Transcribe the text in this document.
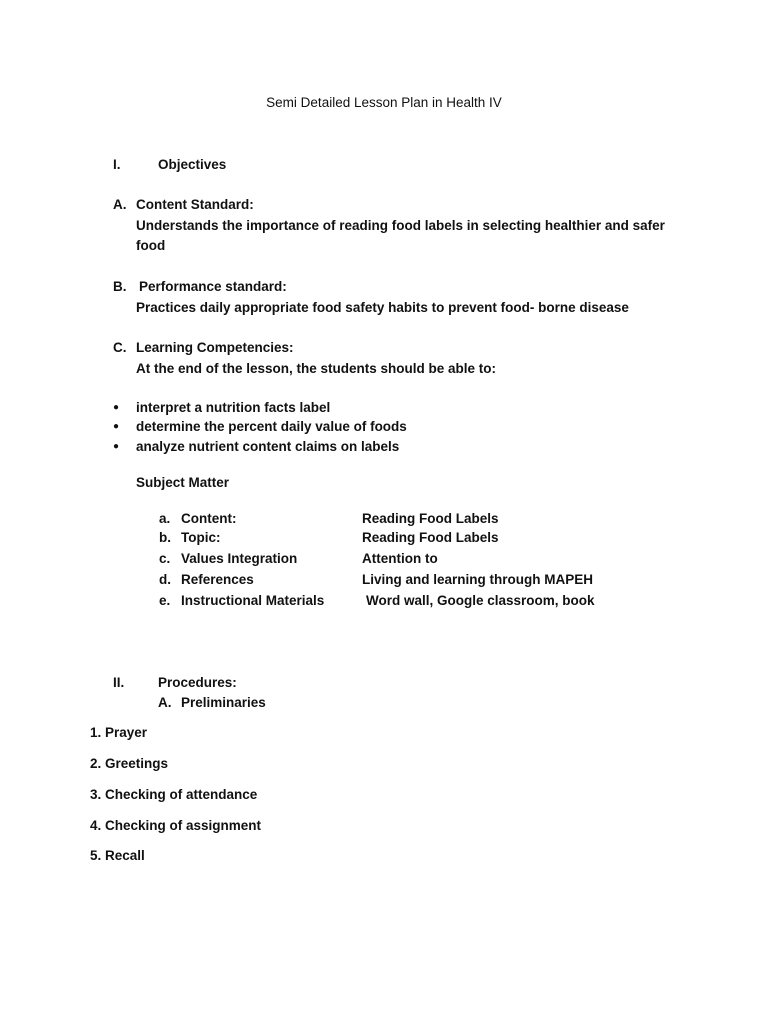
Semi Detailed Lesson Plan in Health IV
I.	Objectives
A. Content Standard:
Understands the importance of reading food labels in selecting healthier and safer
food
B. Performance standard:
Practices daily appropriate food safety habits to prevent food- borne disease
C. Learning Competencies:
At the end of the lesson, the students should be able to:
● interpret a nutrition facts label
● determine the percent daily value of foods
● analyze nutrient content claims on labels
Subject Matter
a. Content:	Reading Food Labels
b. Topic:	Reading Food Labels
c. Values Integration	Attention to
d. References	Living and learning through MAPEH
e. Instructional Materials	Word wall, Google classroom, book
II. Procedures:
A. Preliminaries
1. Prayer
2. Greetings
3. Checking of attendance
4. Checking of assignment
5. Recall
